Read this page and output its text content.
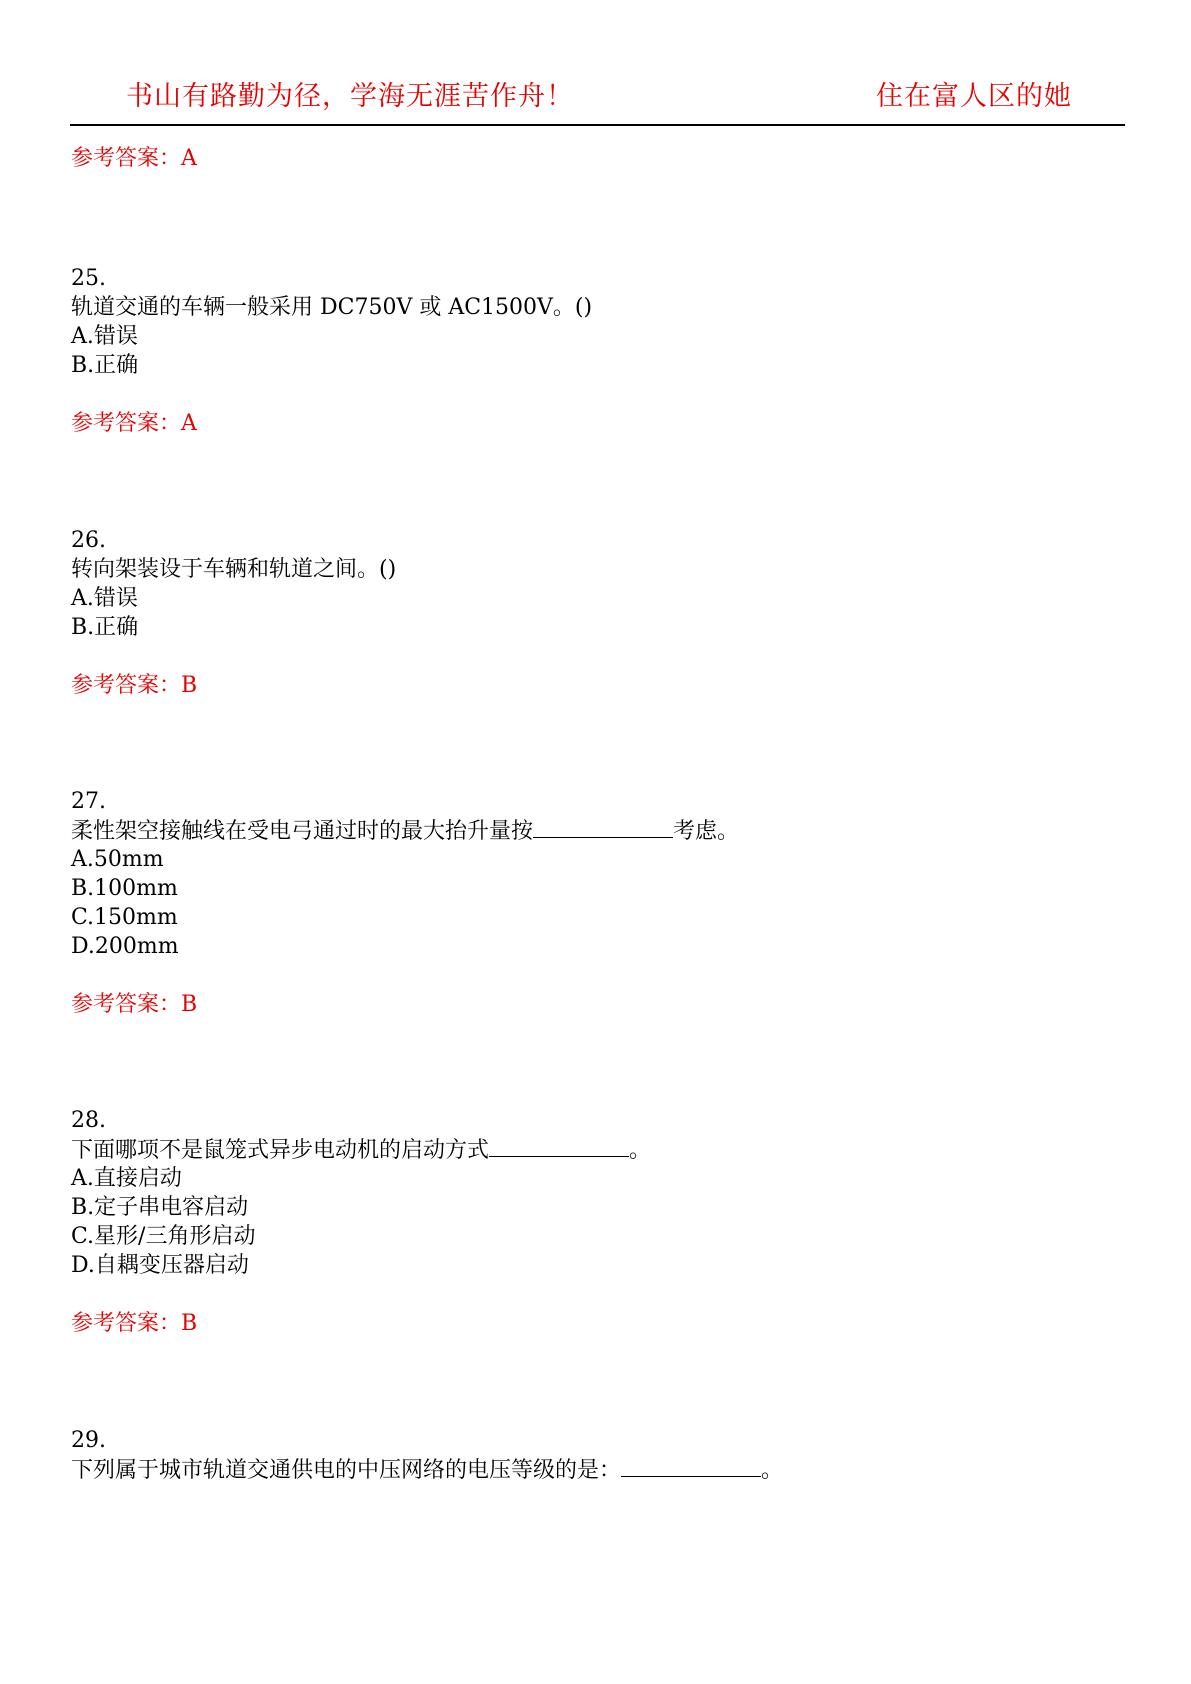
书山有路勤为径，学海无涯苦作舟！	住在富人区的她
参考答案：A
25.
轨道交通的车辆一般采用 DC750V 或 AC1500V。()
A.错误
B.正确
参考答案：A
26.
转向架装设于车辆和轨道之间。()
A.错误
B.正确
参考答案：B
27.
柔性架空接触线在受电弓通过时的最大抬升量按	考虑。
A.50mm
B.100mm
C.150mm
D.200mm
参考答案：B
28.
下面哪项不是鼠笼式异步电动机的启动方式	。
A.直接启动
B.定子串电容启动
C.星形/三角形启动
D.自耦变压器启动
参考答案：B
29.
下列属于城市轨道交通供电的中压网络的电压等级的是：	。
